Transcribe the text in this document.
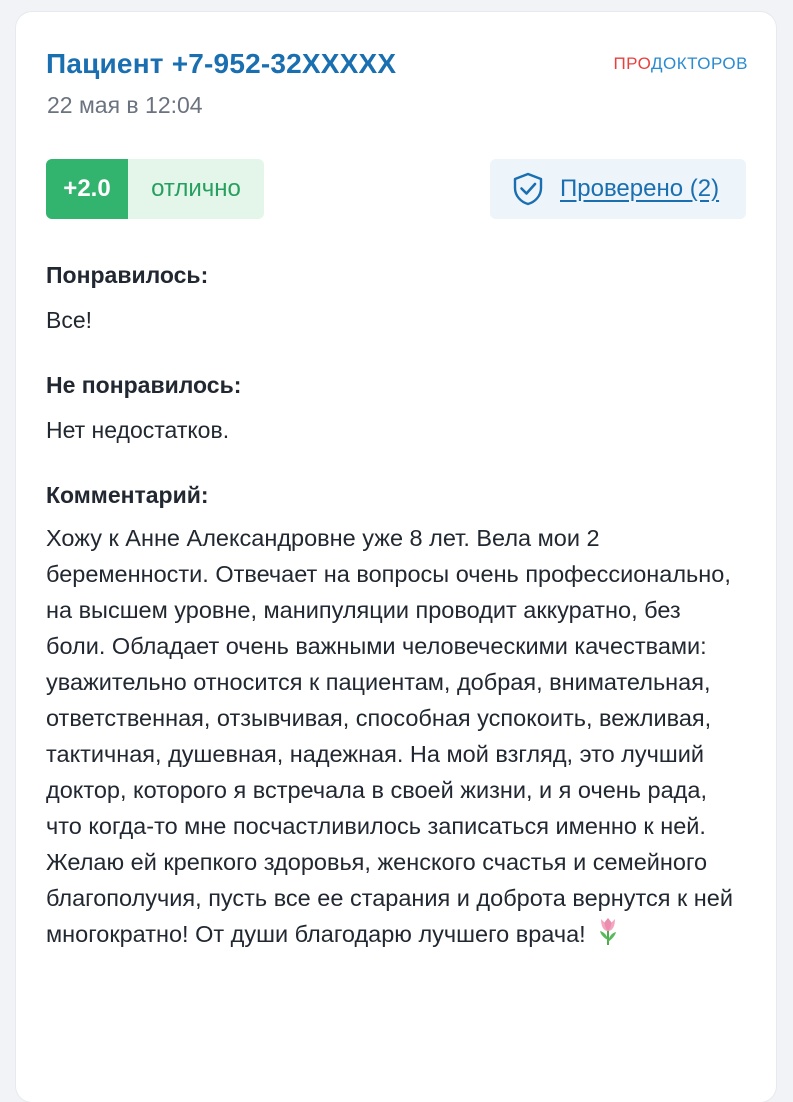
Пациент +7-952-32XXXXX
22 мая в 12:04
ПРОДОКТОРОВ
+2.0	отлично	Проверено (2)
Понравилось:
Все!
Не понравилось:
Нет недостатков.
Комментарий:
Хожу к Анне Александровне уже 8 лет. Вела мои 2 беременности. Отвечает на вопросы очень профессионально, на высшем уровне, манипуляции проводит аккуратно, без боли. Обладает очень важными человеческими качествами: уважительно относится к пациентам, добрая, внимательная, ответственная, отзывчивая, способная успокоить, вежливая, тактичная, душевная, надежная. На мой взгляд, это лучший доктор, которого я встречала в своей жизни, и я очень рада, что когда-то мне посчастливилось записаться именно к ней. Желаю ей крепкого здоровья, женского счастья и семейного благополучия, пусть все ее старания и доброта вернутся к ней многократно! От души благодарю лучшего врача!
